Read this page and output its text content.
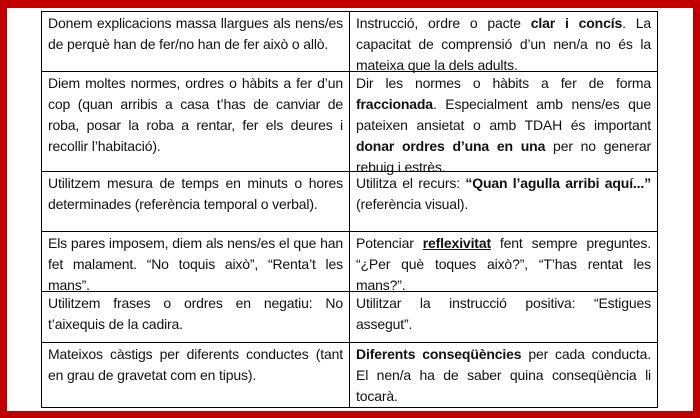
Donem explicacions massa llargues als nens/es de perquè han de fer/no han de fer això o allò.
Instrucció, ordre o pacte clar i concís. La capacitat de comprensió d’un nen/a no és la mateixa que la dels adults.
Diem moltes normes, ordres o hàbits a fer d’un cop (quan arribis a casa t’has de canviar de roba, posar la roba a rentar, fer els deures i recollir l’habitació).
Dir les normes o hàbits a fer de forma fraccionada. Especialment amb nens/es que pateixen ansietat o amb TDAH és important donar ordres d’una en una per no generar rebuig i estrès.
Utilitzem mesura de temps en minuts o hores determinades (referència temporal o verbal).
Utilitza el recurs: “Quan l’agulla arribi aquí...” (referència visual).
Els pares imposem, diem als nens/es el que han fet malament. “No toquis això”, “Renta’t les mans”.
Potenciar reflexivitat fent sempre preguntes. “¿Per què toques això?”, “T’has rentat les mans?”.
Utilitzem frases o ordres en negatiu: No t’aixequis de la cadira.
Utilitzar la instrucció positiva: “Estigues assegut”.
Mateixos càstigs per diferents conductes (tant en grau de gravetat com en tipus).
Diferents conseqüències per cada conducta. El nen/a ha de saber quina conseqüència li tocarà.
